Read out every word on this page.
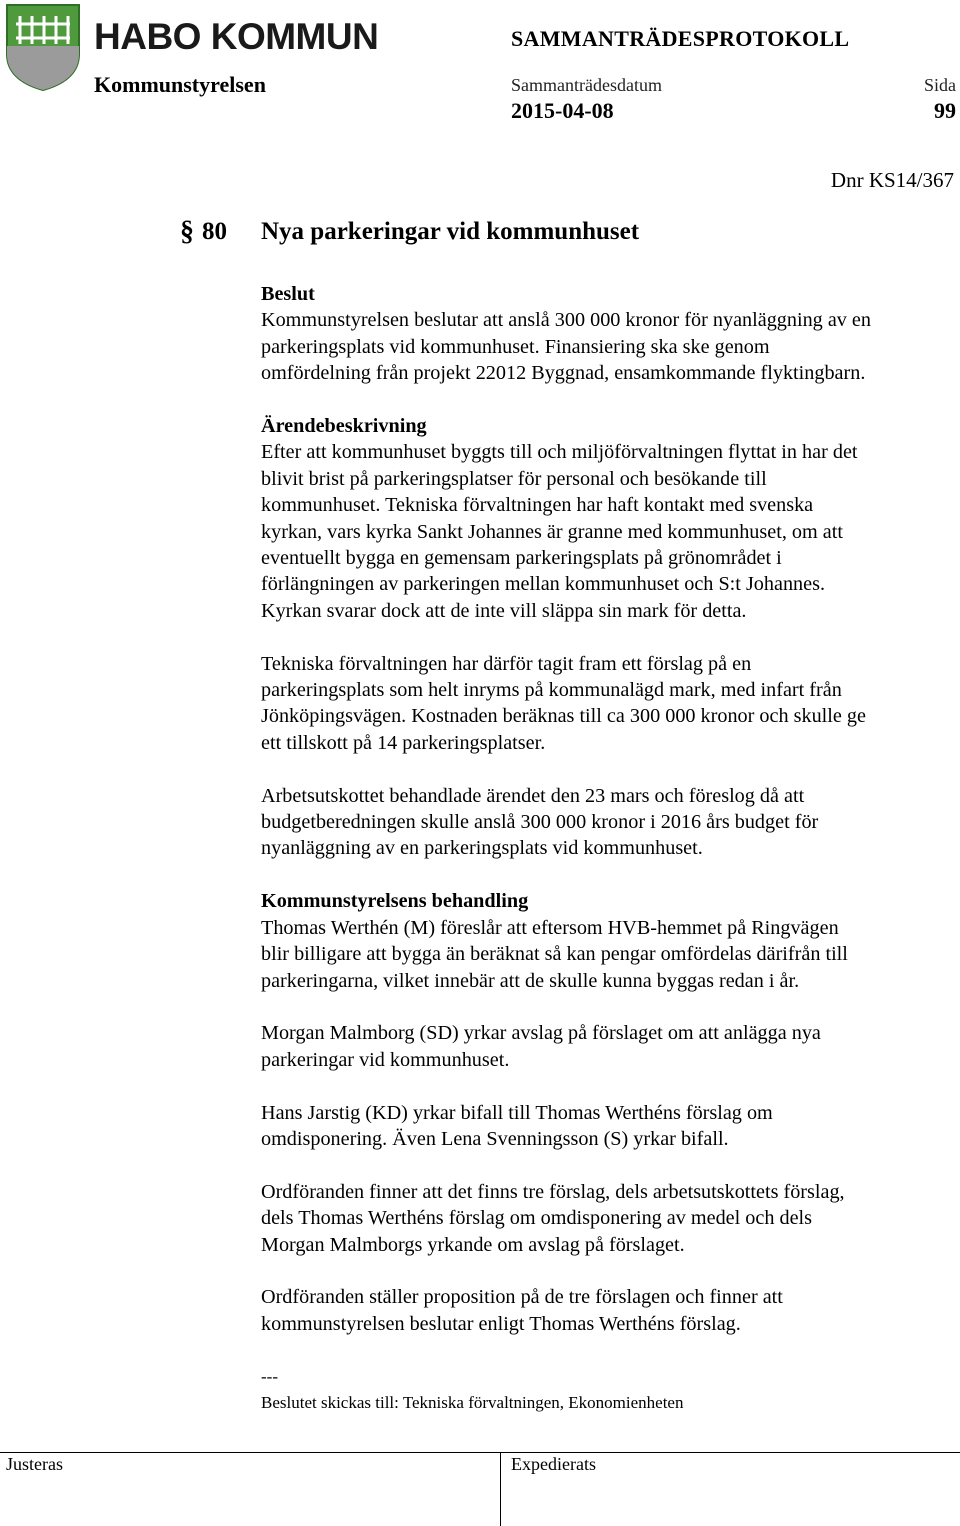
HABO KOMMUN
Kommunstyrelsen
SAMMANTRÄDESPROTOKOLL
Sammanträdesdatum
2015-04-08
Sida
99
Dnr KS14/367
§ 80 Nya parkeringar vid kommunhuset

Beslut

Kommunstyrelsen beslutar att anslå 300 000 kronor för nyanläggning av en

parkeringsplats vid kommunhuset. Finansiering ska ske genom

omfördelning från projekt 22012 Byggnad, ensamkommande flyktingbarn.

Ärendebeskrivning

Efter att kommunhuset byggts till och miljöförvaltningen flyttat in har det

blivit brist på parkeringsplatser för personal och besökande till

kommunhuset. Tekniska förvaltningen har haft kontakt med svenska

kyrkan, vars kyrka Sankt Johannes är granne med kommunhuset, om att

eventuellt bygga en gemensam parkeringsplats på grönområdet i

förlängningen av parkeringen mellan kommunhuset och S:t Johannes.

Kyrkan svarar dock att de inte vill släppa sin mark för detta.

Tekniska förvaltningen har därför tagit fram ett förslag på en

parkeringsplats som helt inryms på kommunalägd mark, med infart från

Jönköpingsvägen. Kostnaden beräknas till ca 300 000 kronor och skulle ge

ett tillskott på 14 parkeringsplatser.

Arbetsutskottet behandlade ärendet den 23 mars och föreslog då att

budgetberedningen skulle anslå 300 000 kronor i 2016 års budget för

nyanläggning av en parkeringsplats vid kommunhuset.

Kommunstyrelsens behandling

Thomas Werthén (M) föreslår att eftersom HVB-hemmet på Ringvägen

blir billigare att bygga än beräknat så kan pengar omfördelas därifrån till

parkeringarna, vilket innebär att de skulle kunna byggas redan i år.

Morgan Malmborg (SD) yrkar avslag på förslaget om att anlägga nya

parkeringar vid kommunhuset.

Hans Jarstig (KD) yrkar bifall till Thomas Werthéns förslag om

omdisponering. Även Lena Svenningsson (S) yrkar bifall.

Ordföranden finner att det finns tre förslag, dels arbetsutskottets förslag,

dels Thomas Werthéns förslag om omdisponering av medel och dels

Morgan Malmborgs yrkande om avslag på förslaget.

Ordföranden ställer proposition på de tre förslagen och finner att

kommunstyrelsen beslutar enligt Thomas Werthéns förslag.

---

Beslutet skickas till: Tekniska förvaltningen, Ekonomienheten

Justeras	Expedierats
